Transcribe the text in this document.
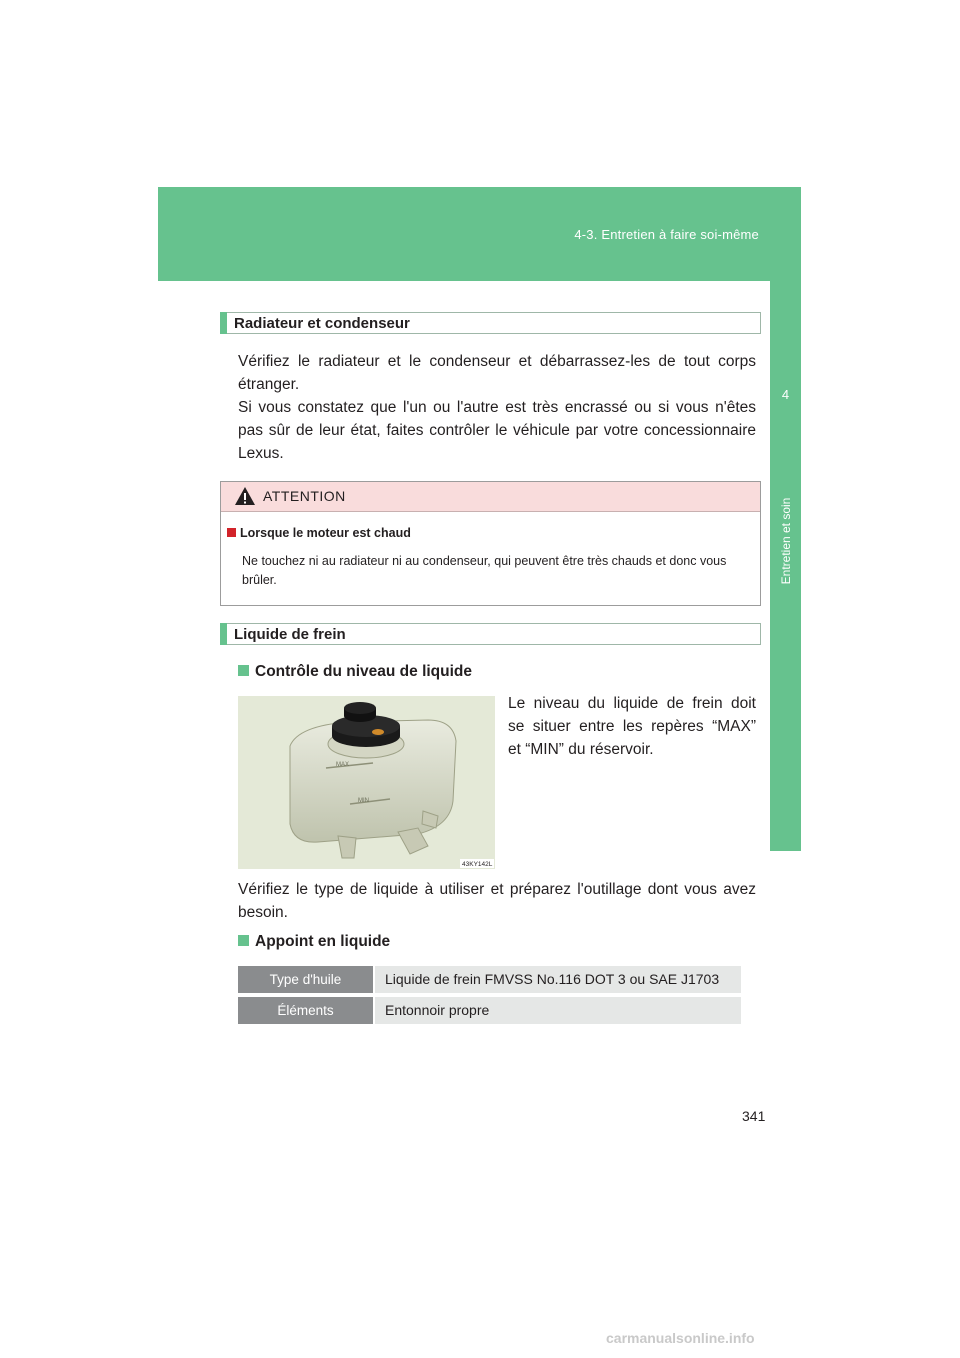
4-3. Entretien à faire soi-même
4
Entretien et soin
Radiateur et condenseur
Vérifiez le radiateur et le condenseur et débarrassez-les de tout corps
étranger.
Si vous constatez que l'un ou l'autre est très encrassé ou si vous n'êtes
pas sûr de leur état, faites contrôler le véhicule par votre concessionnaire
Lexus.
ATTENTION
Lorsque le moteur est chaud
Ne touchez ni au radiateur ni au condenseur, qui peuvent être très chauds et donc vous brûler.
Liquide de frein
Contrôle du niveau de liquide
MAX
MIN
43KY142L
Le niveau du liquide de frein doit
se situer entre les repères “MAX”
et “MIN” du réservoir.
Vérifiez le type de liquide à utiliser et préparez l'outillage dont vous avez besoin.
Appoint en liquide
Type d'huile	Liquide de frein FMVSS No.116 DOT 3 ou SAE J1703
Éléments	Entonnoir propre
341
carmanualsonline.info
